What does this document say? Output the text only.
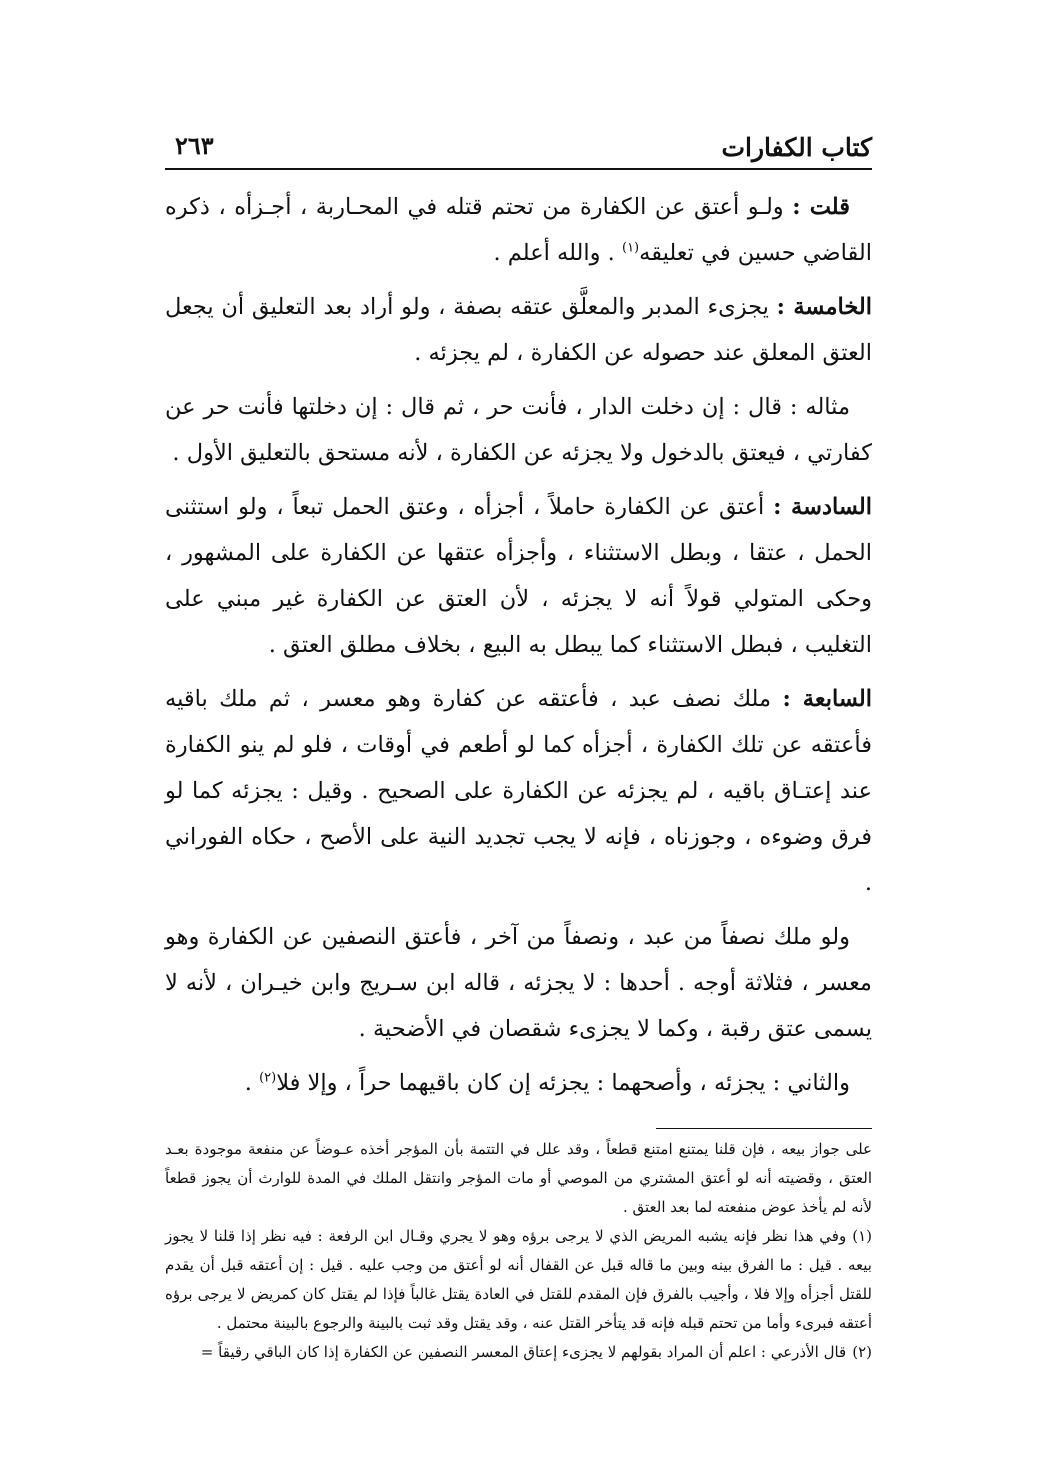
كتاب الكفارات
٢٦٣

قلت : ولـو أعتق عن الكفارة من تحتم قتله في المحـاربة ، أجـزأه ، ذكره القاضي حسين في تعليقه$^{(١)}$ . والله أعلم .

الخامسة : يجزىء المدبر والمعلَّق عتقه بصفة ، ولو أراد بعد التعليق أن يجعل العتق المعلق عند حصوله عن الكفارة ، لم يجزئه .

مثاله : قال : إن دخلت الدار ، فأنت حر ، ثم قال : إن دخلتها فأنت حر عن كفارتي ، فيعتق بالدخول ولا يجزئه عن الكفارة ، لأنه مستحق بالتعليق الأول .

السادسة : أعتق عن الكفارة حاملاً ، أجزأه ، وعتق الحمل تبعاً ، ولو استثنى الحمل ، عتقا ، وبطل الاستثناء ، وأجزأه عتقها عن الكفارة على المشهور ، وحكى المتولي قولاً أنه لا يجزئه ، لأن العتق عن الكفارة غير مبني على التغليب ، فبطل الاستثناء كما يبطل به البيع ، بخلاف مطلق العتق .

السابعة : ملك نصف عبد ، فأعتقه عن كفارة وهو معسر ، ثم ملك باقيه فأعتقه عن تلك الكفارة ، أجزأه كما لو أطعم في أوقات ، فلو لم ينو الكفارة عند إعتـاق باقيه ، لم يجزئه عن الكفارة على الصحيح . وقيل : يجزئه كما لو فرق وضوءه ، وجوزناه ، فإنه لا يجب تجديد النية على الأصح ، حكاه الفوراني .

ولو ملك نصفاً من عبد ، ونصفاً من آخر ، فأعتق النصفين عن الكفارة وهو معسر ، فثلاثة أوجه . أحدها : لا يجزئه ، قاله ابن سـريج وابن خيـران ، لأنه لا يسمى عتق رقبة ، وكما لا يجزىء شقصان في الأضحية .

والثاني : يجزئه ، وأصحهما : يجزئه إن كان باقيهما حراً ، وإلا فلا$^{(٢)}$ .

على جواز بيعه ، فإن قلنا يمتنع امتنع قطعاً ، وقد علل في التتمة بأن المؤجر أخذه عـوضاً عن منفعة موجودة بعـد العتق ، وقضيته أنه لو أعتق المشتري من الموصي أو مات المؤجر وانتقل الملك في المدة للوارث أن يجوز قطعاً لأنه لم يأخذ عوض منفعته لما بعد العتق .

(١)وفي هذا نظر فإنه يشبه المريض الذي لا يرجى برؤه وهو لا يجري وقـال ابن الرفعة : فيه نظر إذا قلنا لا يجوز بيعه . قيل : ما الفرق بينه وبين ما قاله قبل عن القفال أنه لو أعتق من وجب عليه . قيل : إن أعتقه قبل أن يقدم للقتل أجزأه وإلا فلا ، وأجيب بالفرق فإن المقدم للقتل في العادة يقتل غالباً فإذا لم يقتل كان كمريض لا يرجى برؤه أعتقه فبرىء وأما من تحتم قبله فإنه قد يتأخر القتل عنه ، وقد يقتل وقد ثبت بالبينة والرجوع بالبينة محتمل .

(٢)قال الأذرعي : اعلم أن المراد بقولهم لا يجزىء إعتاق المعسر النصفين عن الكفارة إذا كان الباقي رقيقاً =
